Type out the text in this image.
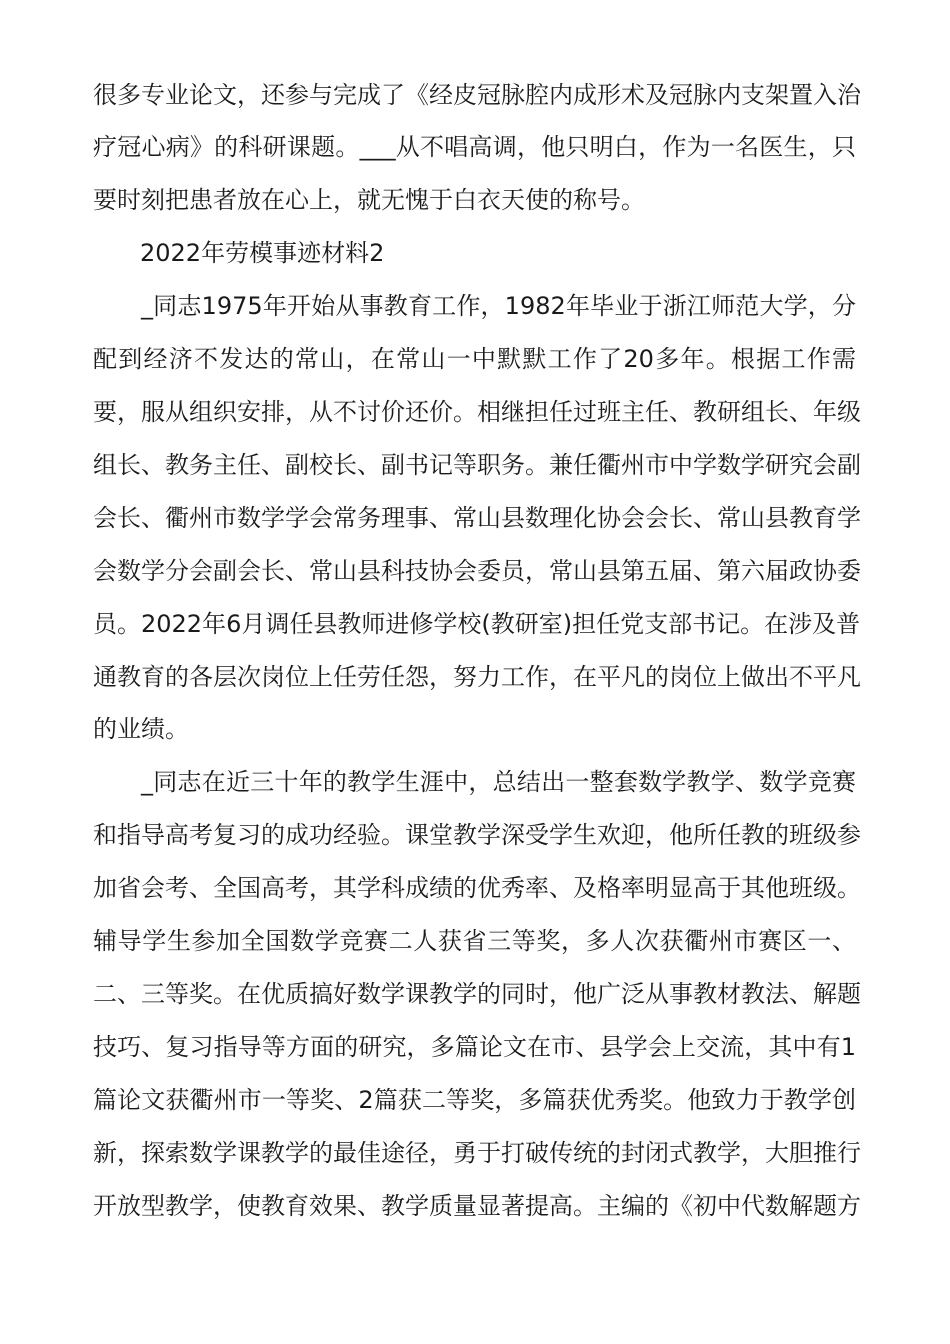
很多专业论文，还参与完成了《经皮冠脉腔内成形术及冠脉内支架置入治
疗冠心病》的科研课题。___从不唱高调，他只明白，作为一名医生，只
要时刻把患者放在心上，就无愧于白衣天使的称号。
2022年劳模事迹材料2
_同志1975年开始从事教育工作，1982年毕业于浙江师范大学，分
配到经济不发达的常山，在常山一中默默工作了20多年。根据工作需
要，服从组织安排，从不讨价还价。相继担任过班主任、教研组长、年级
组长、教务主任、副校长、副书记等职务。兼任衢州市中学数学研究会副
会长、衢州市数学学会常务理事、常山县数理化协会会长、常山县教育学
会数学分会副会长、常山县科技协会委员，常山县第五届、第六届政协委
员。2022年6月调任县教师进修学校(教研室)担任党支部书记。在涉及普
通教育的各层次岗位上任劳任怨，努力工作，在平凡的岗位上做出不平凡
的业绩。
_同志在近三十年的教学生涯中，总结出一整套数学教学、数学竞赛
和指导高考复习的成功经验。课堂教学深受学生欢迎，他所任教的班级参
加省会考、全国高考，其学科成绩的优秀率、及格率明显高于其他班级。
辅导学生参加全国数学竞赛二人获省三等奖，多人次获衢州市赛区一、
二、三等奖。在优质搞好数学课教学的同时，他广泛从事教材教法、解题
技巧、复习指导等方面的研究，多篇论文在市、县学会上交流，其中有1
篇论文获衢州市一等奖、2篇获二等奖，多篇获优秀奖。他致力于教学创
新，探索数学课教学的最佳途径，勇于打破传统的封闭式教学，大胆推行
开放型教学，使教育效果、教学质量显著提高。主编的《初中代数解题方
